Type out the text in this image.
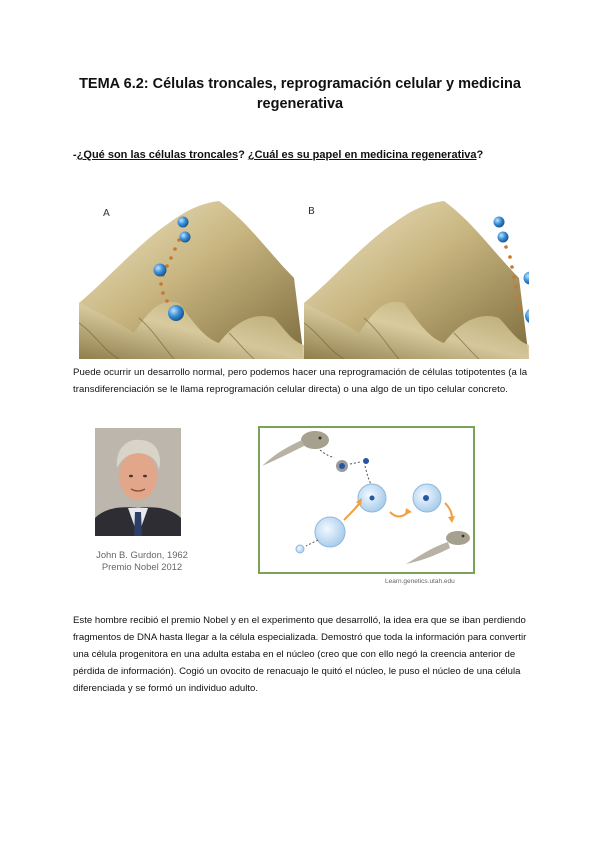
TEMA 6.2: Células troncales, reprogramación celular y medicina
regenerativa
-¿Qué son las células troncales? ¿Cuál es su papel en medicina regenerativa?
A	B
Puede ocurrir un desarrollo normal, pero podemos hacer una reprogramación de células totipotentes (a la transdiferenciación se le llama reprogramación celular directa) o una algo de un tipo celular concreto.
John B. Gurdon, 1962
Premio Nobel 2012
Learn.genetics.utah.edu
Este hombre recibió el premio Nobel y en el experimento que desarrolló, la idea era que se iban perdiendo fragmentos de DNA hasta llegar a la célula especializada. Demostró que toda la información para convertir una célula progenitora en una adulta estaba en el núcleo (creo que con ello negó la creencia anterior de pérdida de información). Cogió un ovocito de renacuajo le quitó el núcleo, le puso el núcleo de una célula diferenciada y se formó un individuo adulto.
